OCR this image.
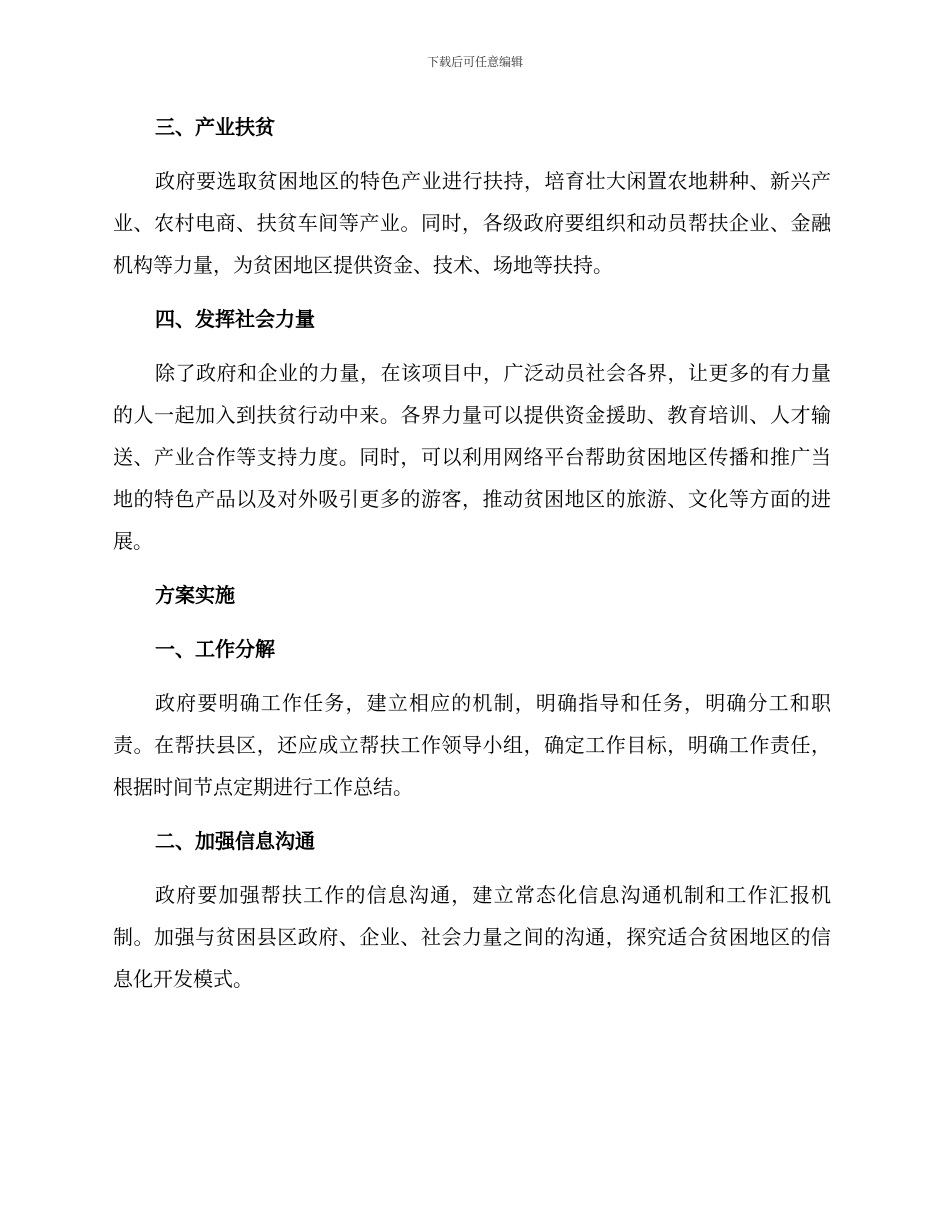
下载后可任意编辑

三、产业扶贫

政府要选取贫困地区的特色产业进行扶持，培育壮大闲置农地耕种、新兴产业、农村电商、扶贫车间等产业。同时，各级政府要组织和动员帮扶企业、金融机构等力量，为贫困地区提供资金、技术、场地等扶持。

四、发挥社会力量

除了政府和企业的力量，在该项目中，广泛动员社会各界，让更多的有力量的人一起加入到扶贫行动中来。各界力量可以提供资金援助、教育培训、人才输送、产业合作等支持力度。同时，可以利用网络平台帮助贫困地区传播和推广当地的特色产品以及对外吸引更多的游客，推动贫困地区的旅游、文化等方面的进展。

方案实施

一、工作分解

政府要明确工作任务，建立相应的机制，明确指导和任务，明确分工和职责。在帮扶县区，还应成立帮扶工作领导小组，确定工作目标，明确工作责任，根据时间节点定期进行工作总结。

二、加强信息沟通

政府要加强帮扶工作的信息沟通，建立常态化信息沟通机制和工作汇报机制。加强与贫困县区政府、企业、社会力量之间的沟通，探究适合贫困地区的信息化开发模式。
